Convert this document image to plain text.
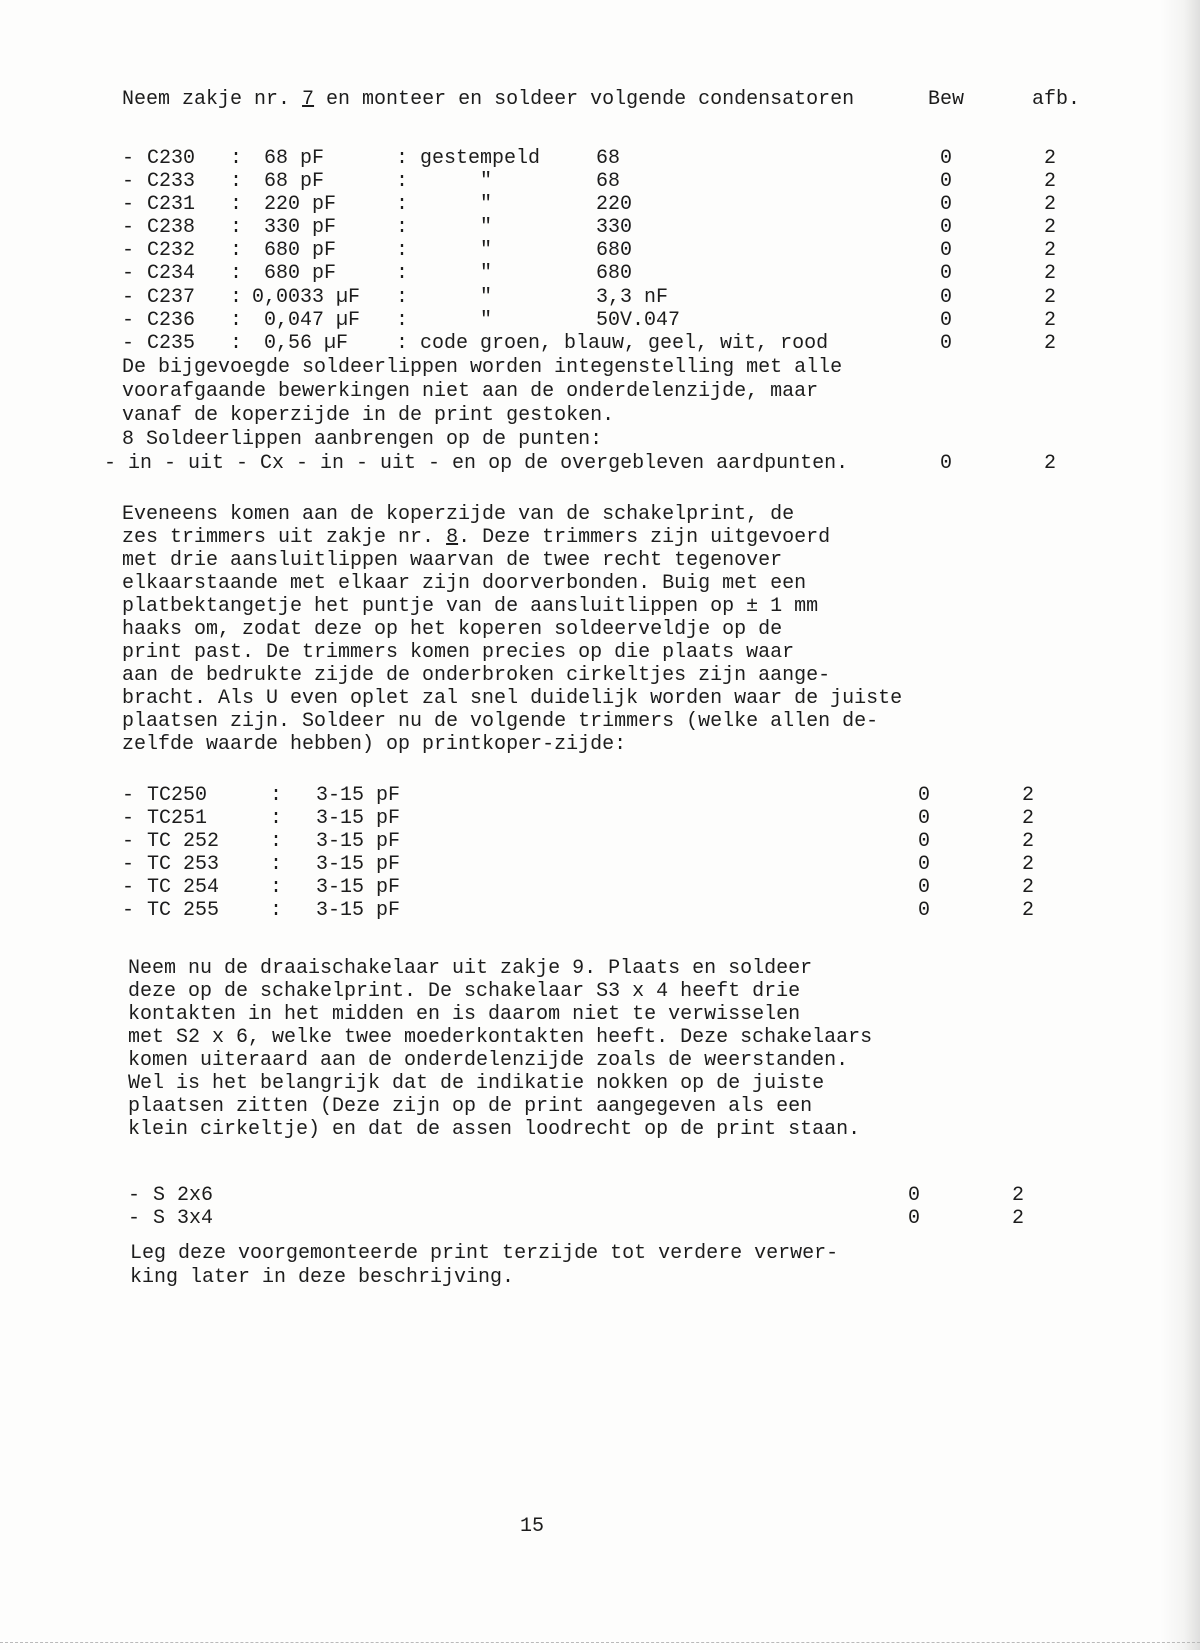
Neem zakje nr. 7 en monteer en soldeer volgende condensatoren	Bew	afb.
- C230 : 68 pF	: gestempeld	68	0	2
- C233 : 68 pF	:      "	68	0	2
- C231 : 220 pF	:      "	220	0	2
- C238 : 330 pF	:      "	330	0	2
- C232 : 680 pF	:      "	680	0	2
- C234 : 680 pF	:      "	680	0	2
- C237 : 0,0033 µF :      "	3,3 nF	0	2
- C236 : 0,047 µF :      "	50V.047	0	2
- C235 : 0,56 µF : code groen, blauw, geel, wit, rood	0	2
De bijgevoegde soldeerlippen worden integenstelling met alle
voorafgaande bewerkingen niet aan de onderdelenzijde, maar
vanaf de koperzijde in de print gestoken.
8 Soldeerlippen aanbrengen op de punten:
- in - uit - Cx - in - uit - en op de overgebleven aardpunten.	0	2
Eveneens komen aan de koperzijde van de schakelprint, de
zes trimmers uit zakje nr. 8. Deze trimmers zijn uitgevoerd
met drie aansluitlippen waarvan de twee recht tegenover
elkaarstaande met elkaar zijn doorverbonden. Buig met een
platbektangetje het puntje van de aansluitlippen op ± 1 mm
haaks om, zodat deze op het koperen soldeerveldje op de
print past. De trimmers komen precies op die plaats waar
aan de bedrukte zijde de onderbroken cirkeltjes zijn aange-
bracht. Als U even oplet zal snel duidelijk worden waar de juiste
plaatsen zijn. Soldeer nu de volgende trimmers (welke allen de-
zelfde waarde hebben) op printkoper-zijde:
- TC250	: 3-15 pF	0	2
- TC251	: 3-15 pF	0	2
- TC 252	: 3-15 pF	0	2
- TC 253	: 3-15 pF	0	2
- TC 254	: 3-15 pF	0	2
- TC 255	: 3-15 pF	0	2
Neem nu de draaischakelaar uit zakje 9. Plaats en soldeer
deze op de schakelprint. De schakelaar S3 x 4 heeft drie
kontakten in het midden en is daarom niet te verwisselen
met S2 x 6, welke twee moederkontakten heeft. Deze schakelaars
komen uiteraard aan de onderdelenzijde zoals de weerstanden.
Wel is het belangrijk dat de indikatie nokken op de juiste
plaatsen zitten (Deze zijn op de print aangegeven als een
klein cirkeltje) en dat de assen loodrecht op de print staan.
- S 2x6	0	2
- S 3x4	0	2
Leg deze voorgemonteerde print terzijde tot verdere verwer-
king later in deze beschrijving.
15
